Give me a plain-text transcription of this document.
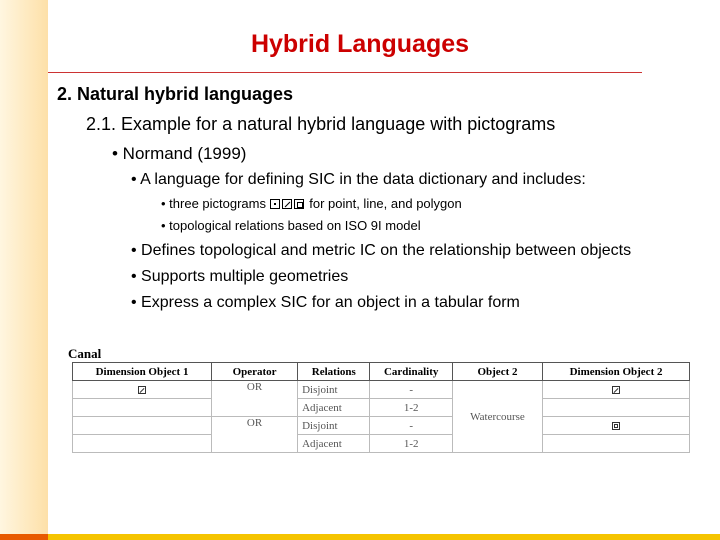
Hybrid Languages
2. Natural hybrid languages
2.1. Example for a natural hybrid language with pictograms
• Normand (1999)
• A language for defining SIC in the data dictionary and includes:
• three pictograms	for point, line, and polygon
• topological relations based on ISO 9I model
• Defines topological and metric IC on the relationship between objects
• Supports multiple geometries
• Express a complex SIC for an object in a tabular form
Canal
Dimension Object 1	Operator	Relations	Cardinality	Object 2	Dimension Object 2
	OR	Disjoint	-	Watercourse	
		Adjacent	1-2		
	OR	Disjoint	-		
		Adjacent	1-2		
